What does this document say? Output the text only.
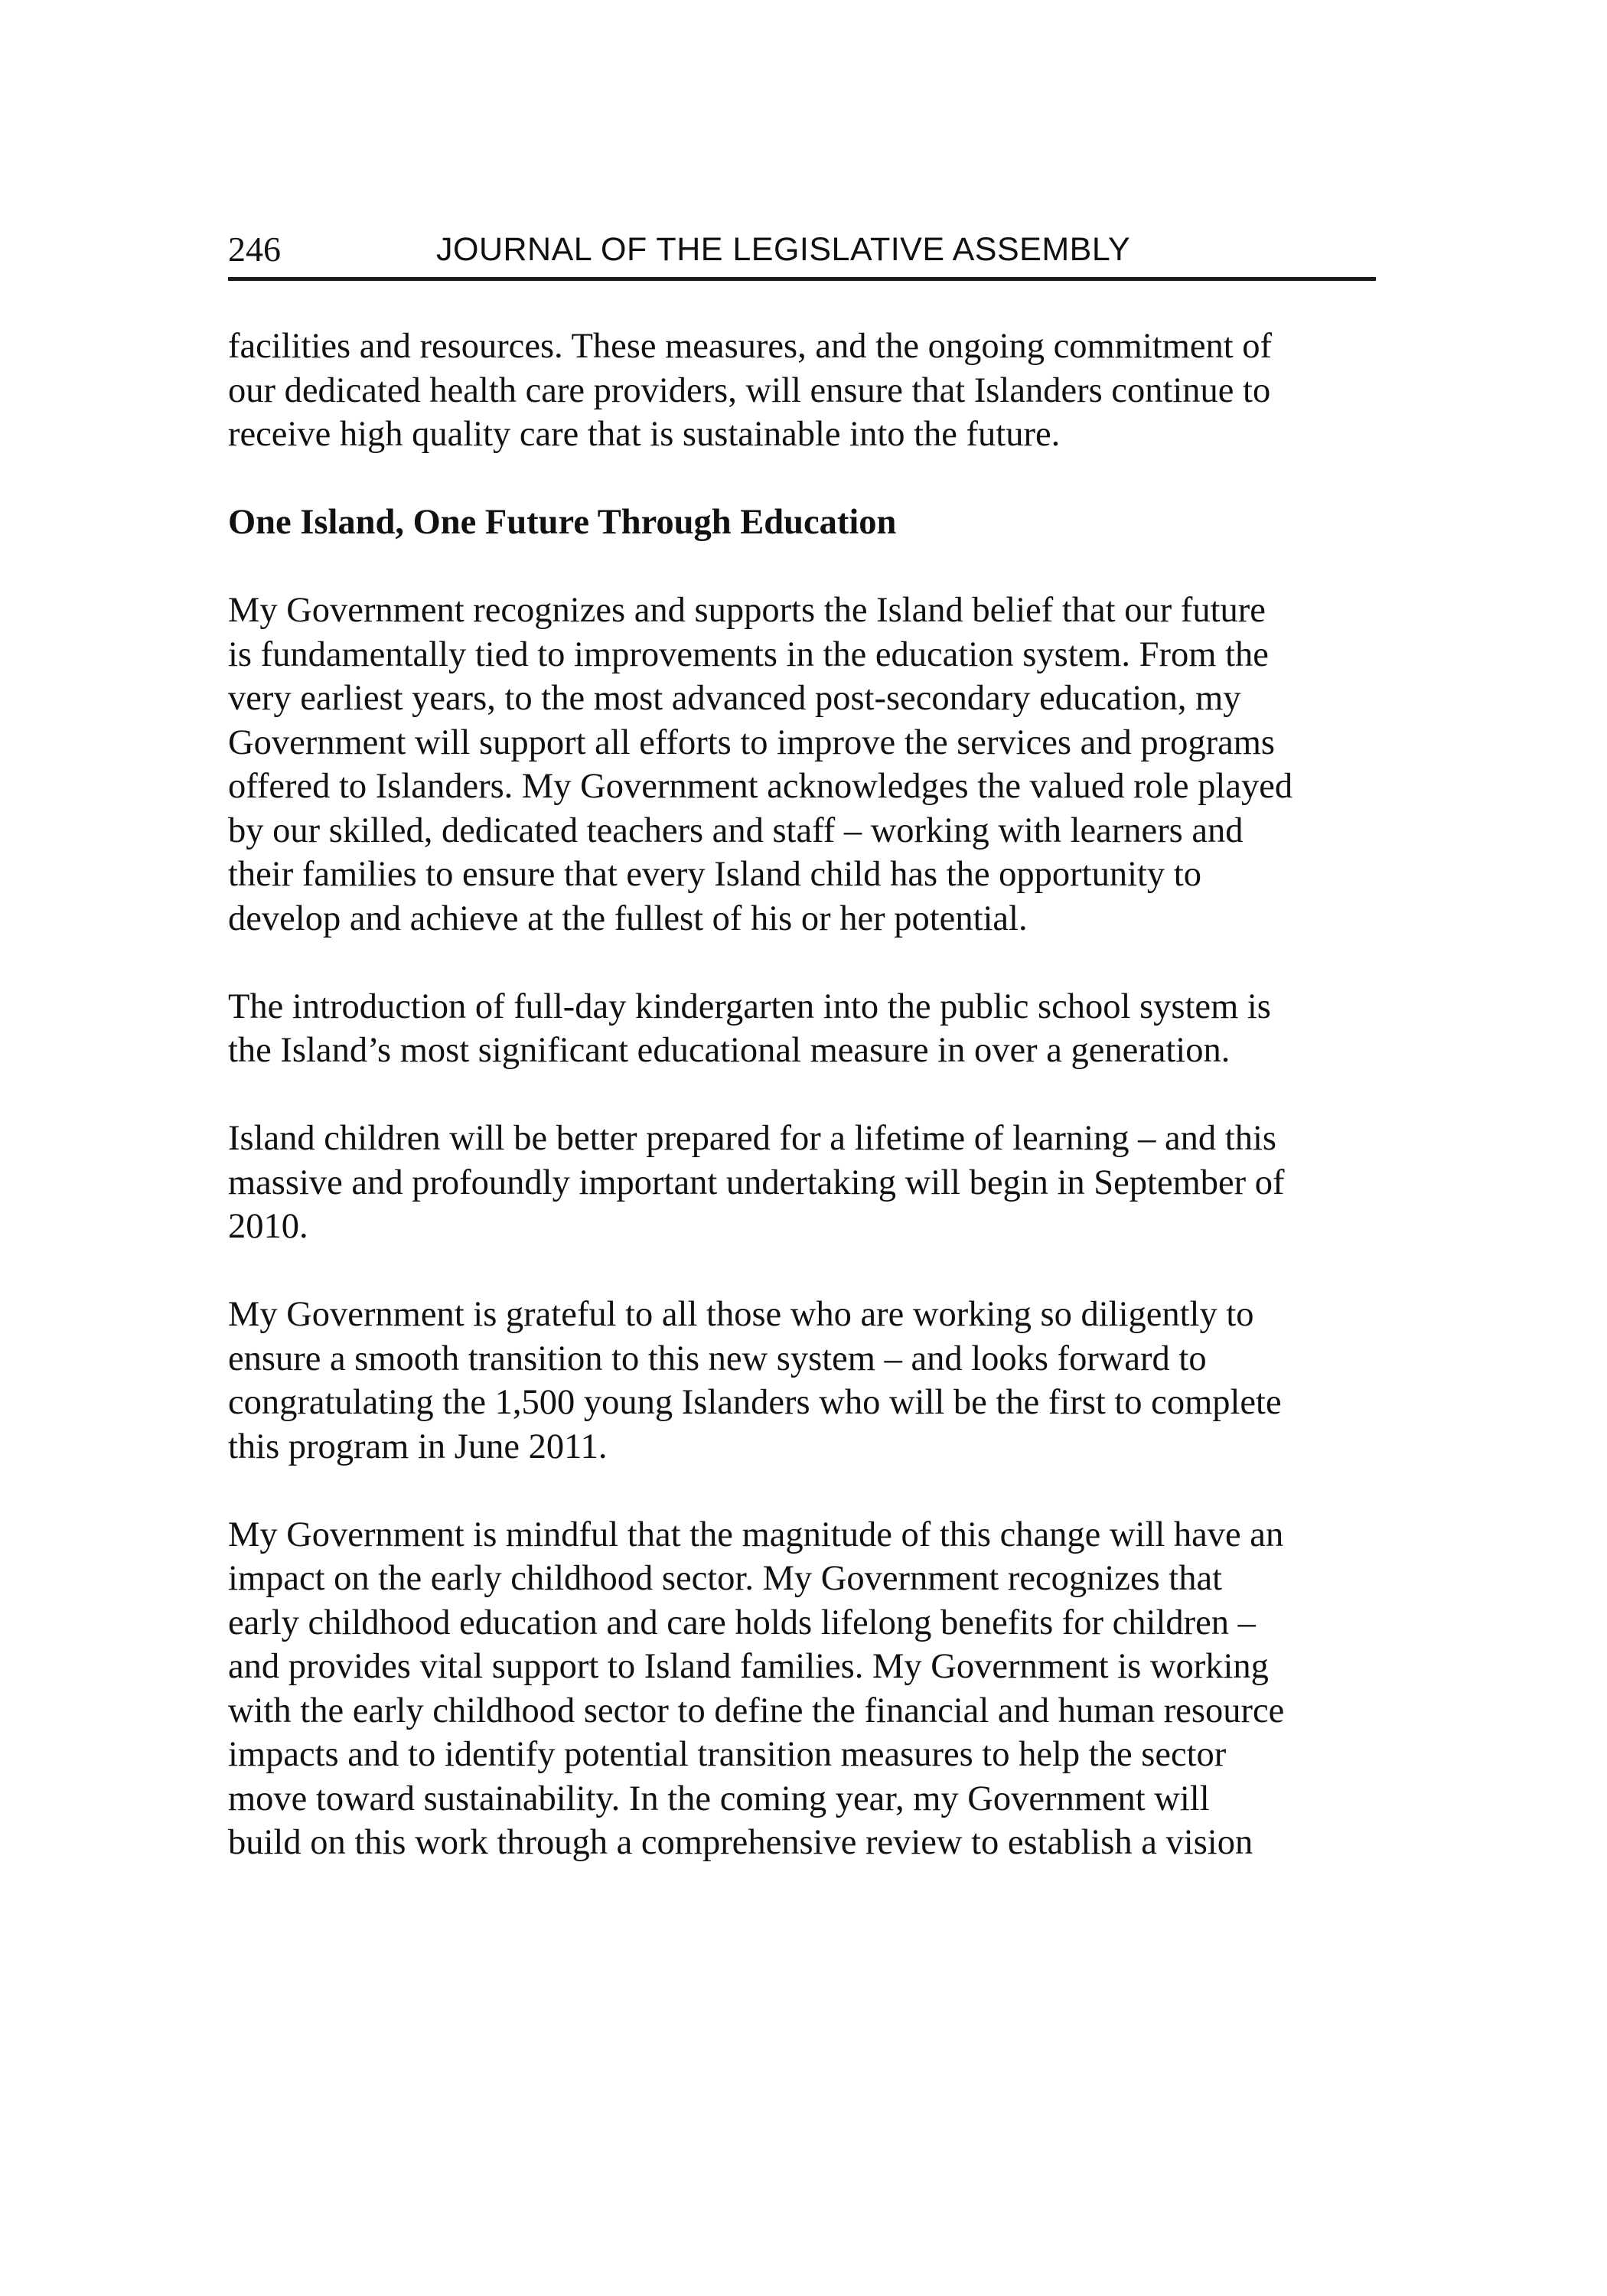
246	JOURNAL OF THE LEGISLATIVE ASSEMBLY

facilities and resources. These measures, and the ongoing commitment of
our dedicated health care providers, will ensure that Islanders continue to
receive high quality care that is sustainable into the future.

One Island, One Future Through Education

My Government recognizes and supports the Island belief that our future
is fundamentally tied to improvements in the education system. From the
very earliest years, to the most advanced post-secondary education, my
Government will support all efforts to improve the services and programs
offered to Islanders. My Government acknowledges the valued role played
by our skilled, dedicated teachers and staff – working with learners and
their families to ensure that every Island child has the opportunity to
develop and achieve at the fullest of his or her potential.

The introduction of full-day kindergarten into the public school system is
the Island’s most significant educational measure in over a generation.

Island children will be better prepared for a lifetime of learning – and this
massive and profoundly important undertaking will begin in September of
2010.

My Government is grateful to all those who are working so diligently to
ensure a smooth transition to this new system – and looks forward to
congratulating the 1,500 young Islanders who will be the first to complete
this program in June 2011.

My Government is mindful that the magnitude of this change will have an
impact on the early childhood sector. My Government recognizes that
early childhood education and care holds lifelong benefits for children –
and provides vital support to Island families. My Government is working
with the early childhood sector to define the financial and human resource
impacts and to identify potential transition measures to help the sector
move toward sustainability. In the coming year, my Government will
build on this work through a comprehensive review to establish a vision
